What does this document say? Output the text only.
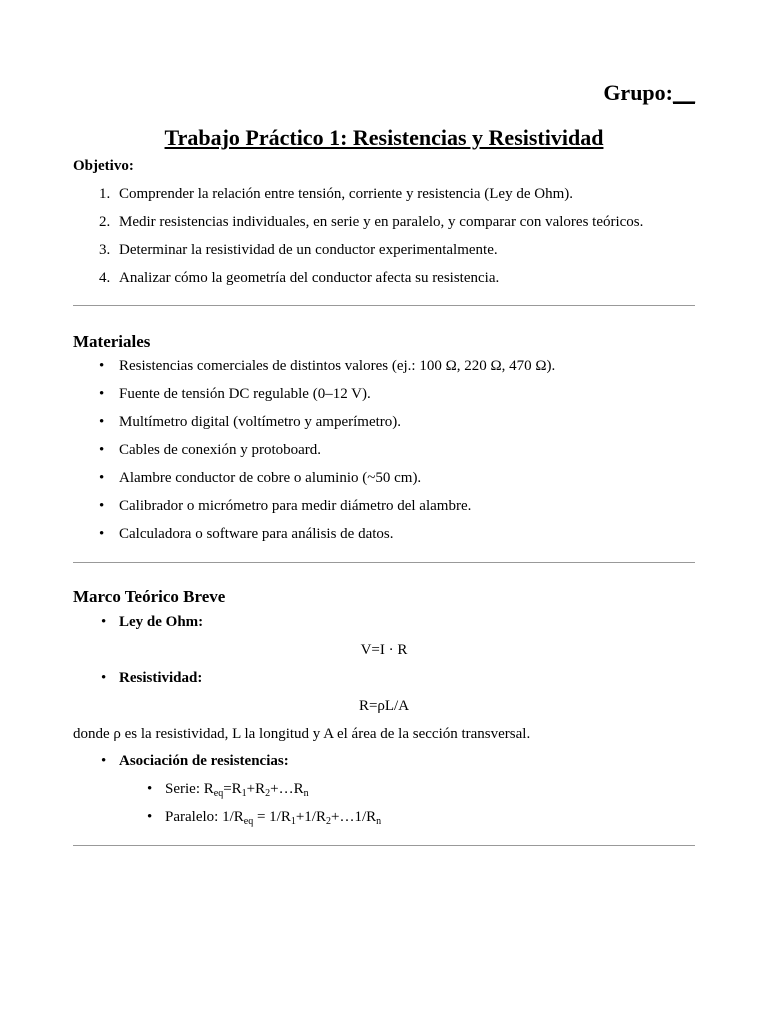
Grupo:__
Trabajo Práctico 1: Resistencias y Resistividad

Objetivo:

1. Comprender la relación entre tensión, corriente y resistencia (Ley de Ohm).
2. Medir resistencias individuales, en serie y en paralelo, y comparar con valores teóricos.
3. Determinar la resistividad de un conductor experimentalmente.
4. Analizar cómo la geometría del conductor afecta su resistencia.
Materiales
• Resistencias comerciales de distintos valores (ej.: 100 Ω, 220 Ω, 470 Ω).
• Fuente de tensión DC regulable (0–12 V).
• Multímetro digital (voltímetro y amperímetro).
• Cables de conexión y protoboard.
• Alambre conductor de cobre o aluminio (~50 cm).
• Calibrador o micrómetro para medir diámetro del alambre.
• Calculadora o software para análisis de datos.
Marco Teórico Breve
• Ley de Ohm:
V=I · R
• Resistividad:
R=ρL/A

donde ρ es la resistividad, L la longitud y A el área de la sección transversal.

• Asociación de resistencias:
• Serie: $R_{eq}=R_1+R_2+\dots R_n$
• Paralelo: $1/R_{eq}$ = $1/R_1+1/R_2+\dots 1/R_n$
